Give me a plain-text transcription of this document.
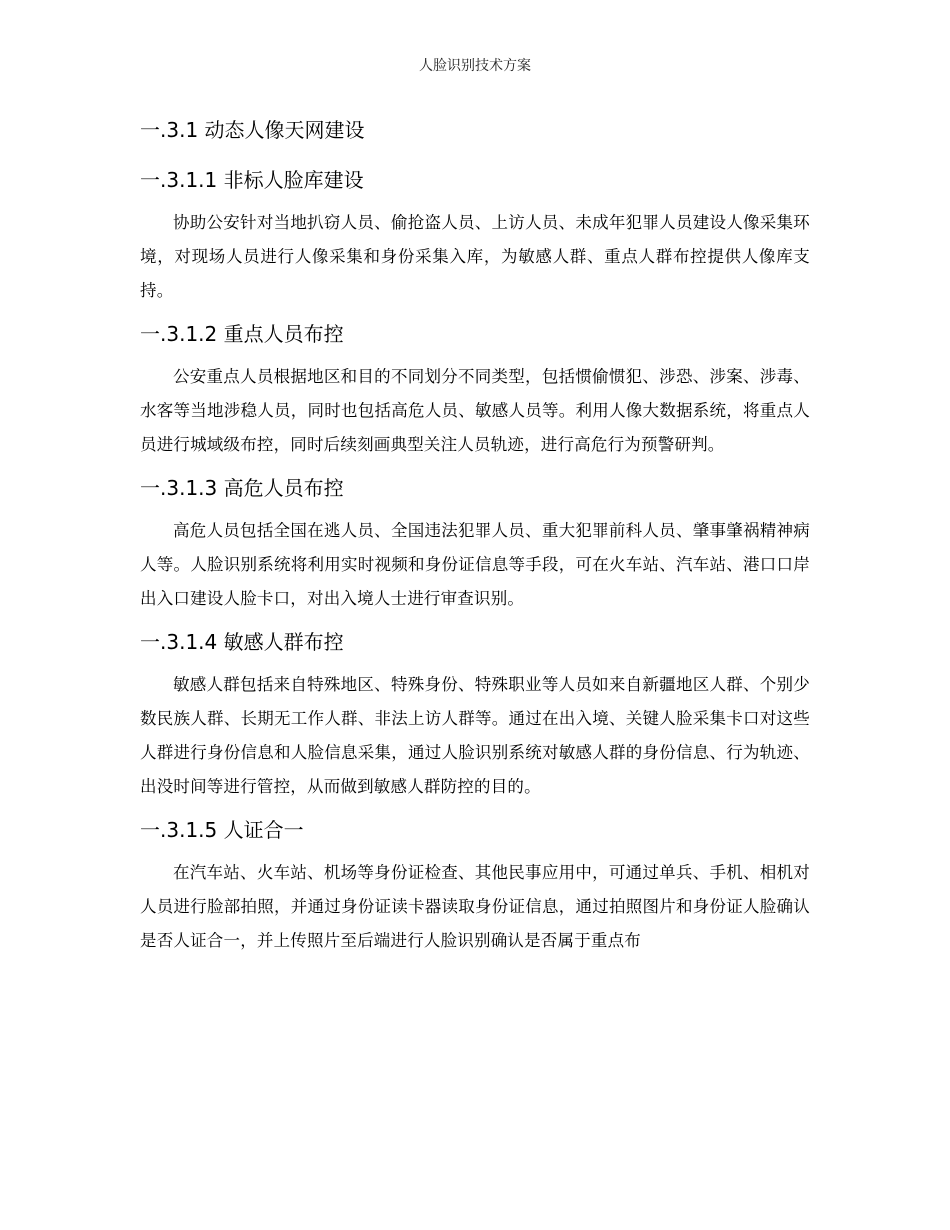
人脸识别技术方案
一.3.1 动态人像天网建设
一.3.1.1 非标人脸库建设

协助公安针对当地扒窃人员、偷抢盗人员、上访人员、未成年犯罪人员建设人像采集环境，对现场人员进行人像采集和身份采集入库，为敏感人群、重点人群布控提供人像库支持。

一.3.1.2 重点人员布控

公安重点人员根据地区和目的不同划分不同类型，包括惯偷惯犯、涉恐、涉案、涉毒、水客等当地涉稳人员，同时也包括高危人员、敏感人员等。利用人像大数据系统，将重点人员进行城域级布控，同时后续刻画典型关注人员轨迹，进行高危行为预警研判。

一.3.1.3 高危人员布控

高危人员包括全国在逃人员、全国违法犯罪人员、重大犯罪前科人员、肇事肇祸精神病人等。人脸识别系统将利用实时视频和身份证信息等手段，可在火车站、汽车站、港口口岸出入口建设人脸卡口，对出入境人士进行审查识别。

一.3.1.4 敏感人群布控

敏感人群包括来自特殊地区、特殊身份、特殊职业等人员如来自新疆地区人群、个别少数民族人群、长期无工作人群、非法上访人群等。通过在出入境、关键人脸采集卡口对这些人群进行身份信息和人脸信息采集，通过人脸识别系统对敏感人群的身份信息、行为轨迹、出没时间等进行管控，从而做到敏感人群防控的目的。

一.3.1.5 人证合一

在汽车站、火车站、机场等身份证检查、其他民事应用中，可通过单兵、手机、相机对人员进行脸部拍照，并通过身份证读卡器读取身份证信息，通过拍照图片和身份证人脸确认是否人证合一，并上传照片至后端进行人脸识别确认是否属于重点布
